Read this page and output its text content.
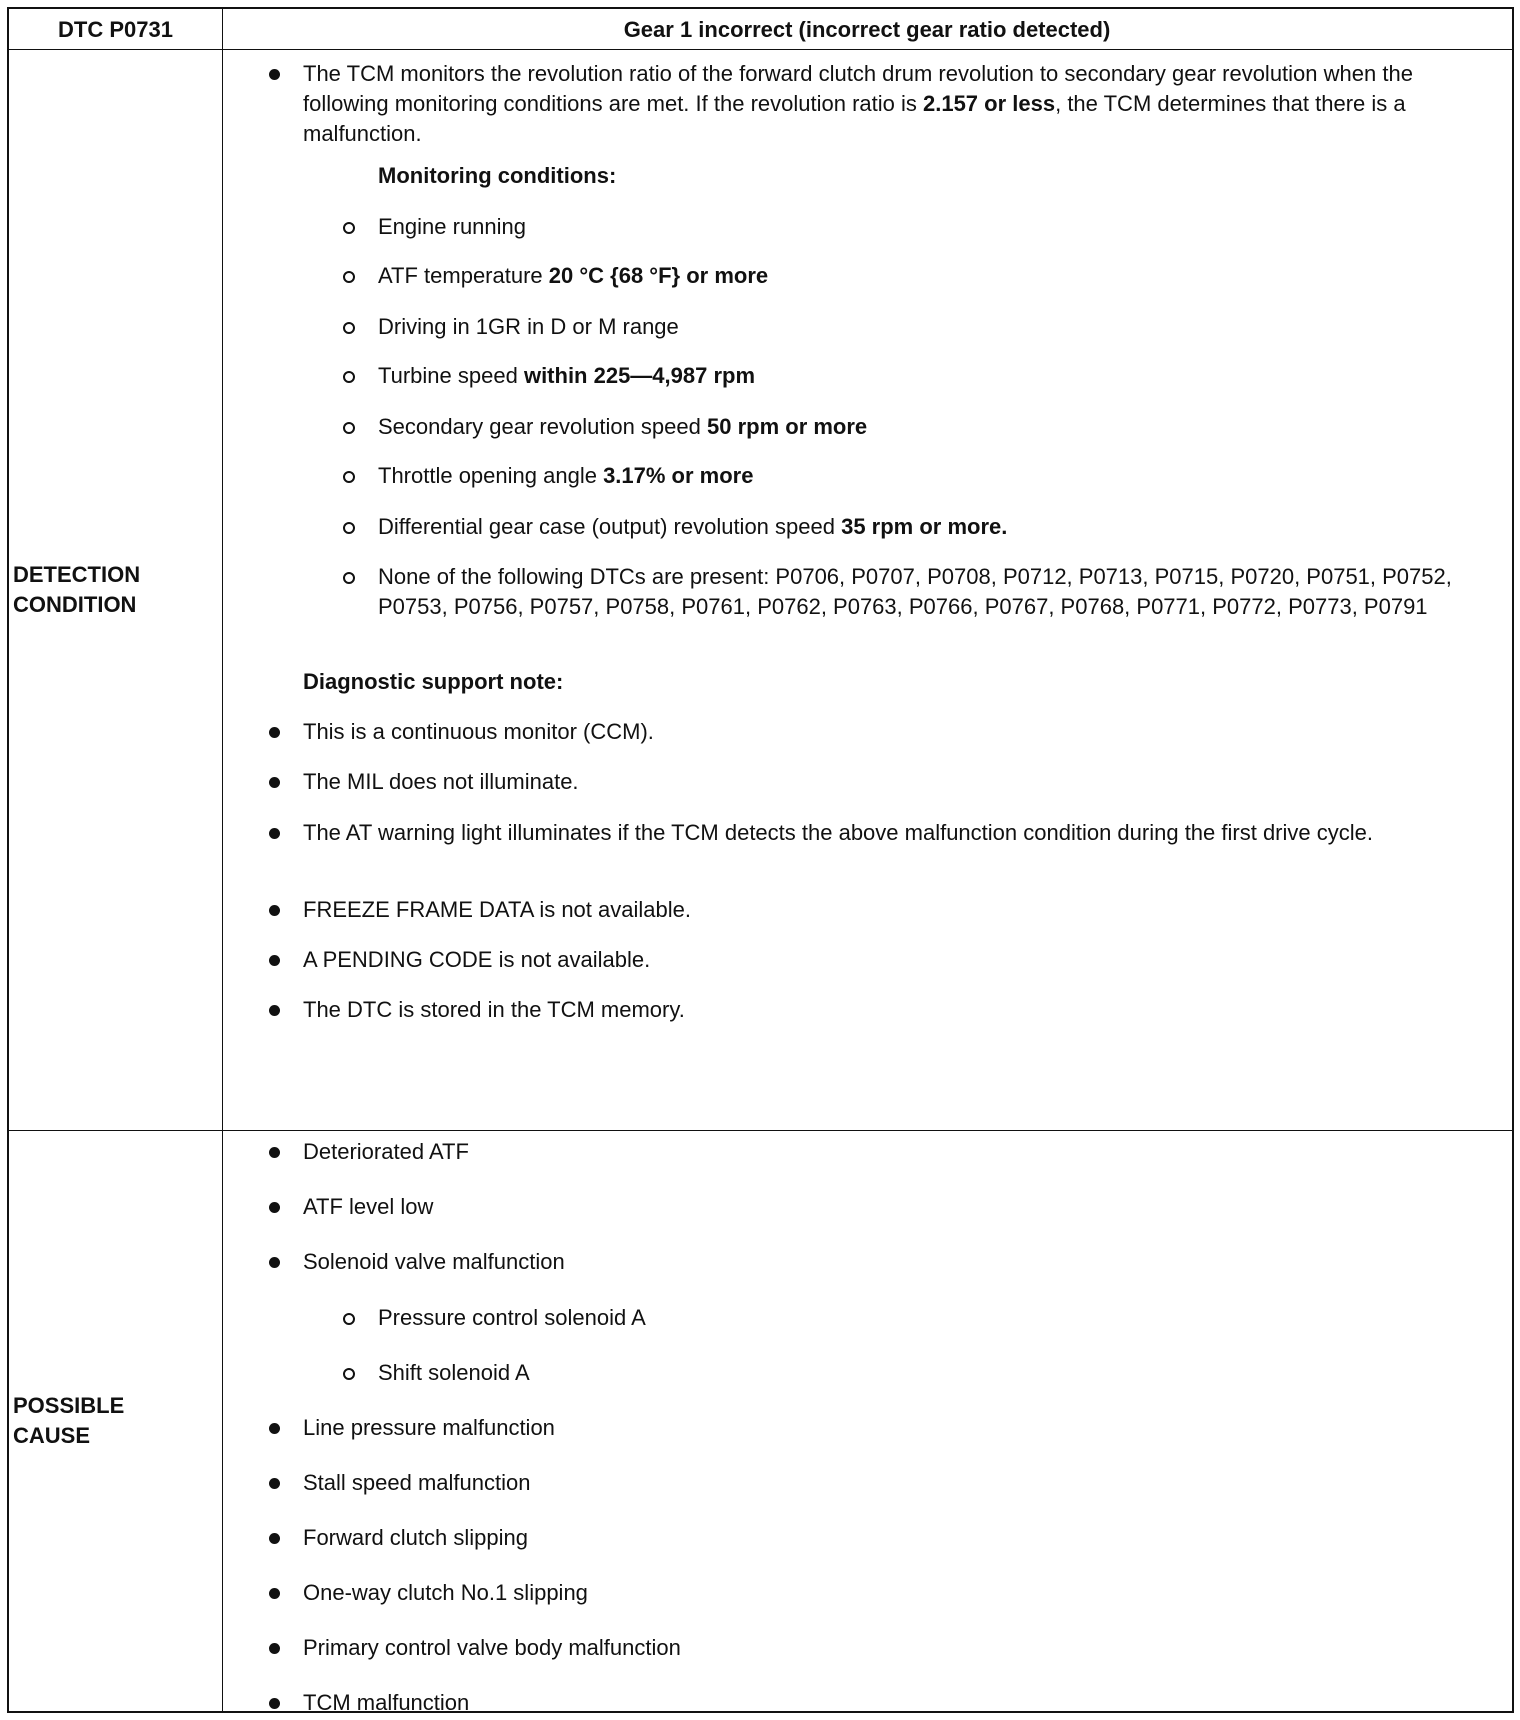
DTC P0731	Gear 1 incorrect (incorrect gear ratio detected)
DETECTION
CONDITION
The TCM monitors the revolution ratio of the forward clutch drum revolution to secondary gear revolution when the following monitoring conditions are met. If the revolution ratio is 2.157 or less, the TCM determines that there is a malfunction.
Monitoring conditions:
Engine running
ATF temperature 20 °C {68 °F} or more
Driving in 1GR in D or M range
Turbine speed within 225—4,987 rpm
Secondary gear revolution speed 50 rpm or more
Throttle opening angle 3.17% or more
Differential gear case (output) revolution speed 35 rpm or more.
None of the following DTCs are present: P0706, P0707, P0708, P0712, P0713, P0715, P0720, P0751, P0752, P0753, P0756, P0757, P0758, P0761, P0762, P0763, P0766, P0767, P0768, P0771, P0772, P0773, P0791
Diagnostic support note:
This is a continuous monitor (CCM).
The MIL does not illuminate.
The AT warning light illuminates if the TCM detects the above malfunction condition during the first drive cycle.
FREEZE FRAME DATA is not available.
A PENDING CODE is not available.
The DTC is stored in the TCM memory.
POSSIBLE
CAUSE
Deteriorated ATF
ATF level low
Solenoid valve malfunction
Pressure control solenoid A
Shift solenoid A
Line pressure malfunction
Stall speed malfunction
Forward clutch slipping
One-way clutch No.1 slipping
Primary control valve body malfunction
TCM malfunction
